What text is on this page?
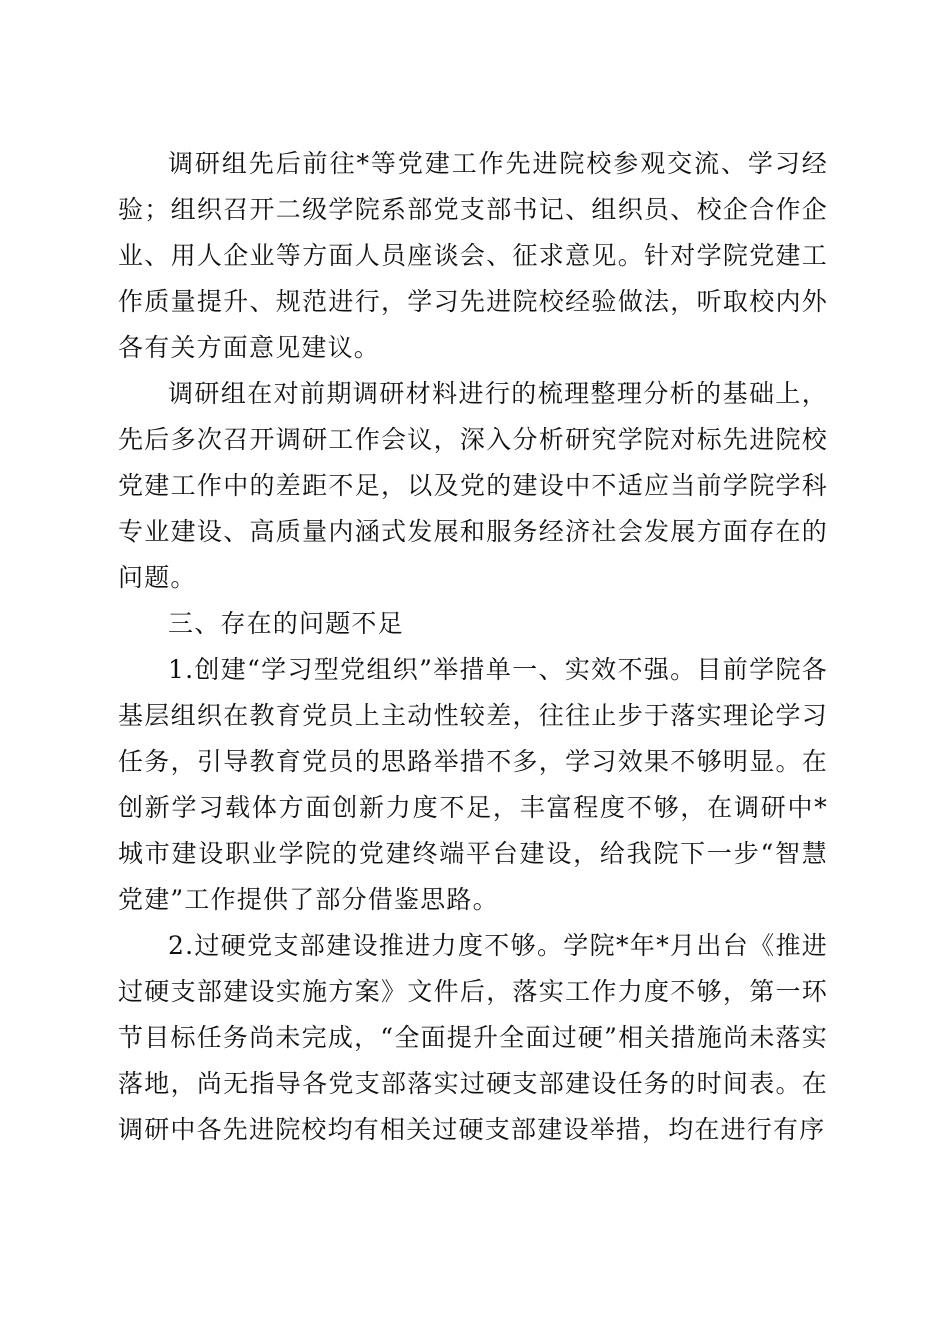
调研组先后前往*等党建工作先进院校参观交流、学习经验；组织召开二级学院系部党支部书记、组织员、校企合作企业、用人企业等方面人员座谈会、征求意见。针对学院党建工作质量提升、规范进行，学习先进院校经验做法，听取校内外各有关方面意见建议。

调研组在对前期调研材料进行的梳理整理分析的基础上，先后多次召开调研工作会议，深入分析研究学院对标先进院校党建工作中的差距不足，以及党的建设中不适应当前学院学科专业建设、高质量内涵式发展和服务经济社会发展方面存在的问题。

三、存在的问题不足

1.创建“学习型党组织”举措单一、实效不强。目前学院各基层组织在教育党员上主动性较差，往往止步于落实理论学习任务，引导教育党员的思路举措不多，学习效果不够明显。在创新学习载体方面创新力度不足，丰富程度不够，在调研中*城市建设职业学院的党建终端平台建设，给我院下一步“智慧党建”工作提供了部分借鉴思路。

2.过硬党支部建设推进力度不够。学院*年*月出台《推进过硬支部建设实施方案》文件后，落实工作力度不够，第一环节目标任务尚未完成，“全面提升全面过硬”相关措施尚未落实落地，尚无指导各党支部落实过硬支部建设任务的时间表。在调研中各先进院校均有相关过硬支部建设举措，均在进行有序
